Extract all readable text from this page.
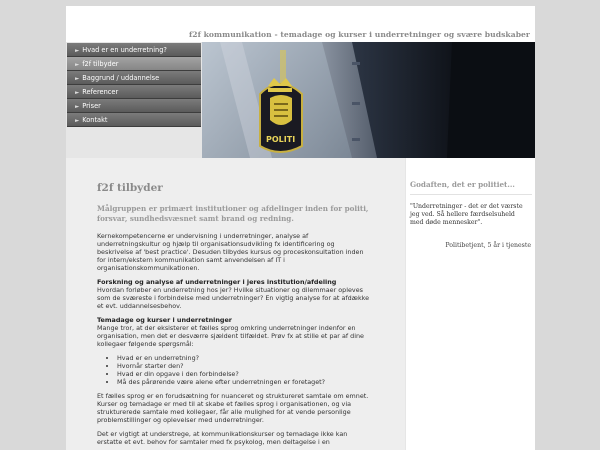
f2f kommunikation - temadage og kurser i underretninger og svære budskaber
► Hvad er en underretning?
► f2f tilbyder
► Baggrund / uddannelse
► Referencer
► Priser
► Kontakt
POLITI
f2f tilbyder
Målgruppen er primært institutioner og afdelinger inden for politi, forsvar, sundhedsvæsnet samt brand og redning.

Kernekompetencerne er undervisning i underretninger, analyse af underretningskultur og hjælp til organisationsudvikling fx identificering og beskrivelse af 'best practice'. Desuden tilbydes kursus og proceskonsultation inden for intern/ekstern kommunikation samt anvendelsen af IT i organisationskommunikationen.

Forskning og analyse af underretninger i jeres institution/afdeling
Hvordan forløber en underretning hos jer? Hvilke situationer og dilemmaer opleves som de sværeste i forbindelse med underretninger? En vigtig analyse for at afdække et evt. uddannelsesbehov.

Temadage og kurser i underretninger
Mange tror, at der eksisterer et fælles sprog omkring underretninger indenfor en organisation, men det er desværre sjældent tilfældet. Prøv fx at stille et par af dine kollegaer følgende spørgsmål:

• Hvad er en underretning?
• Hvornår starter den?
• Hvad er din opgave i den forbindelse?
• Må des pårørende være alene efter underretningen er foretaget?

Et fælles sprog er en forudsætning for nuanceret og struktureret samtale om emnet. Kurser og temadage er med til at skabe et fælles sprog i organisationen, og via strukturerede samtale med kollegaer, får alle mulighed for at vende personlige problemstillinger og oplevelser med underretninger.

Det er vigtigt at understrege, at kommunikationskurser og temadage ikke kan erstatte et evt. behov for samtaler med fx psykolog, men deltagelse i en

Godaften, det er politiet...
"Underretninger - det er det værste jeg ved. Så hellere færdselsuheld med døde mennesker".
Politibetjent, 5 år i tjeneste
